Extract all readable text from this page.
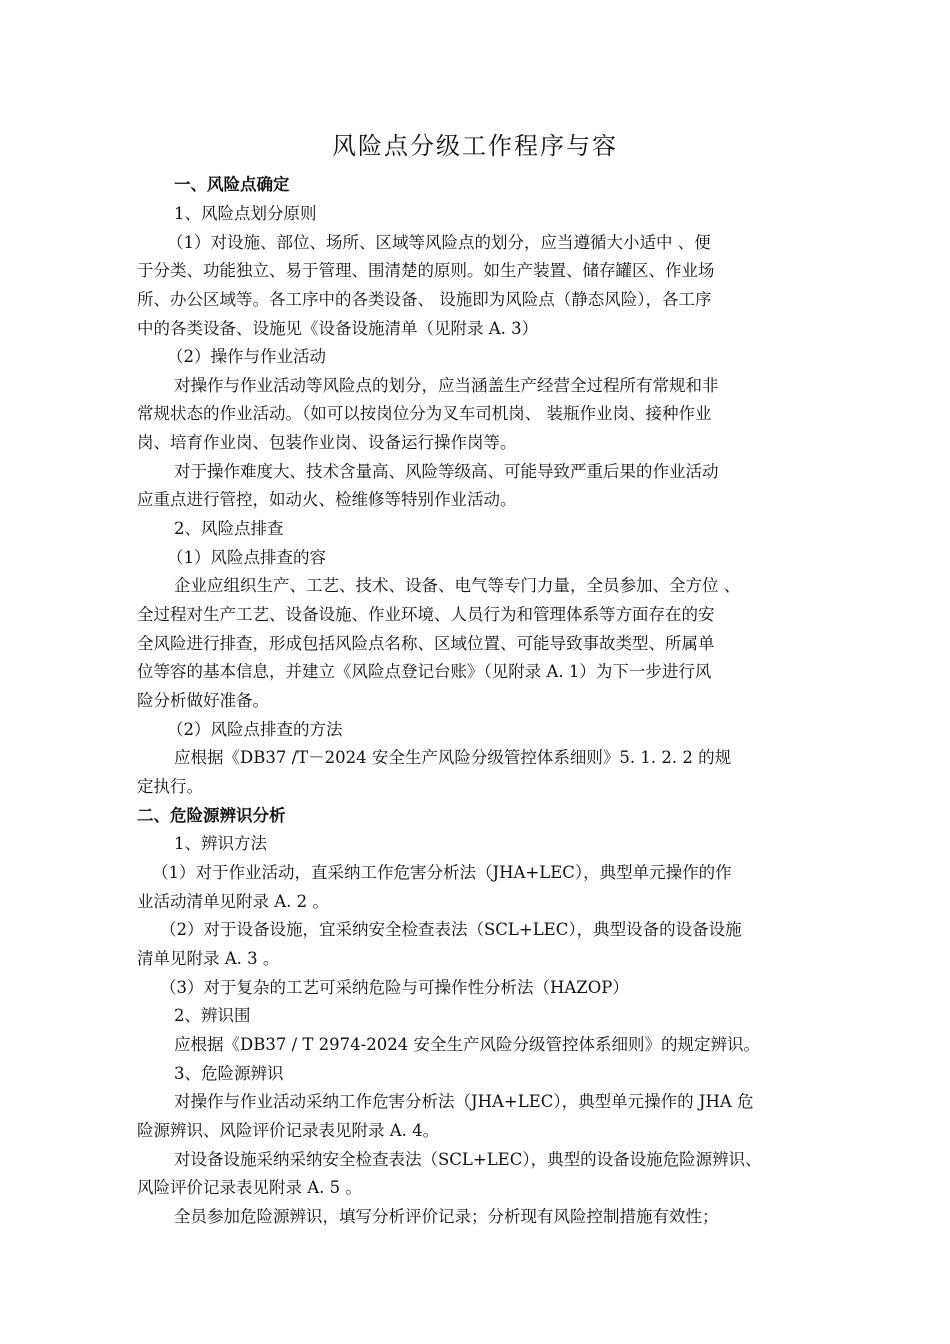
风险点分级工作程序与容
一、风险点确定
1、风险点划分原则
（1）对设施、部位、场所、区域等风险点的划分，应当遵循大小适中 、便
于分类、功能独立、易于管理、围清楚的原则。如生产装置、储存罐区、作业场
所、办公区域等。各工序中的各类设备、 设施即为风险点（静态风险），各工序
中的各类设备、设施见《设备设施清单（见附录 A. 3）
（2）操作与作业活动
对操作与作业活动等风险点的划分，应当涵盖生产经营全过程所有常规和非
常规状态的作业活动。（如可以按岗位分为叉车司机岗、 装瓶作业岗、接种作业
岗、培育作业岗、包装作业岗、设备运行操作岗等。
对于操作难度大、技术含量高、风险等级高、可能导致严重后果的作业活动
应重点进行管控，如动火、检维修等特别作业活动。
2、风险点排查
（1）风险点排查的容
企业应组织生产、工艺、技术、设备、电气等专门力量，全员参加、全方位 、
全过程对生产工艺、设备设施、作业环境、人员行为和管理体系等方面存在的安
全风险进行排查，形成包括风险点名称、区域位置、可能导致事故类型、所属单
位等容的基本信息，并建立《风险点登记台账》（见附录 A. 1）为下一步进行风
险分析做好准备。
（2）风险点排查的方法
应根据《DB37 /T－2024 安全生产风险分级管控体系细则》5. 1. 2. 2 的规
定执行。
二、危险源辨识分析
1、辨识方法
（1）对于作业活动，直采纳工作危害分析法（JHA+LEC），典型单元操作的作
业活动清单见附录 A. 2 。
（2）对于设备设施，宜采纳安全检查表法（SCL+LEC），典型设备的设备设施
清单见附录 A. 3 。
（3）对于复杂的工艺可采纳危险与可操作性分析法（HAZOP）
2、辨识围
应根据《DB37 / T 2974-2024 安全生产风险分级管控体系细则》的规定辨识。
3、危险源辨识
对操作与作业活动采纳工作危害分析法（JHA+LEC），典型单元操作的 JHA 危
险源辨识、风险评价记录表见附录 A. 4。
对设备设施采纳采纳安全检查表法（SCL+LEC），典型的设备设施危险源辨识、
风险评价记录表见附录 A. 5 。
全员参加危险源辨识，填写分析评价记录；分析现有风险控制措施有效性；
